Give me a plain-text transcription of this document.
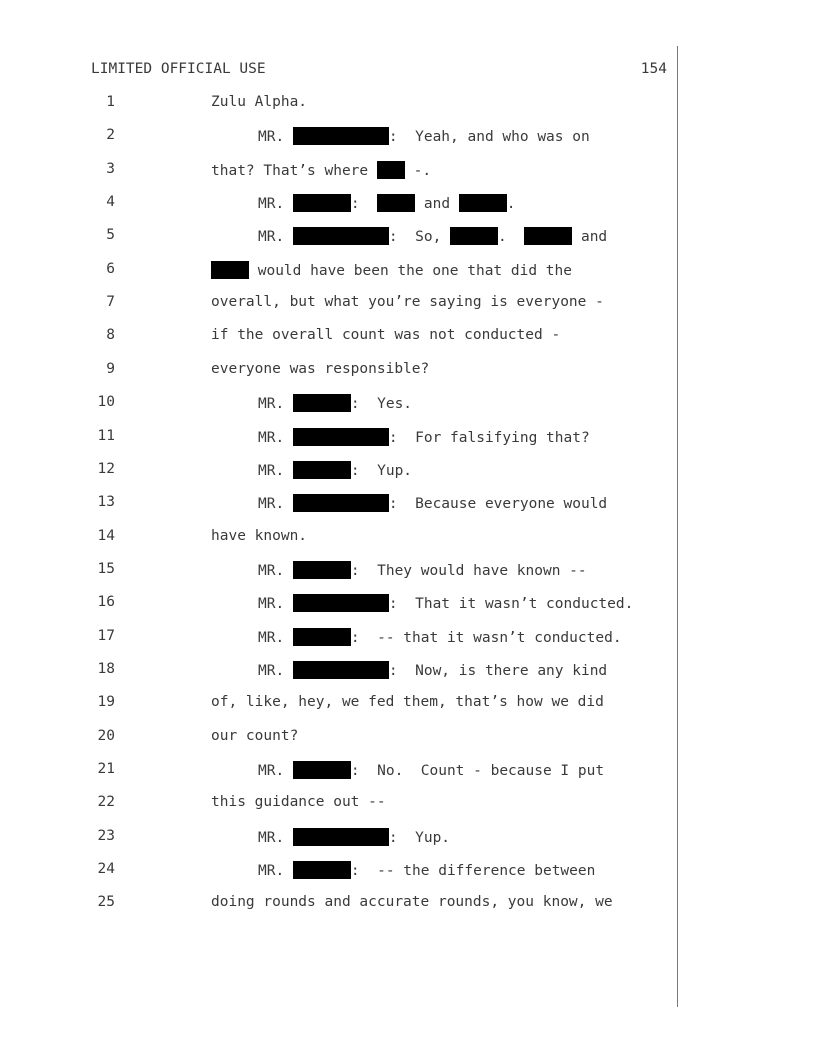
LIMITED OFFICIAL USE	154
1	Zulu Alpha.
2	MR.	:  Yeah, and who was on
3	that? That’s where  -.
4	MR.	:	and	.
5	MR.	:  So,	.	and
6	would have been the one that did the
7	overall, but what you’re saying is everyone -
8	if the overall count was not conducted -
9	everyone was responsible?
10	MR.	:  Yes.
11	MR.	:  For falsifying that?
12	MR.	:  Yup.
13	MR.	:  Because everyone would
14	have known.
15	MR.	:  They would have known --
16	MR.	:  That it wasn’t conducted.
17	MR.	:  -- that it wasn’t conducted.
18	MR.	:  Now, is there any kind
19	of, like, hey, we fed them, that’s how we did
20	our count?
21	MR.	:  No.  Count - because I put
22	this guidance out --
23	MR.	:  Yup.
24	MR.	:  -- the difference between
25	doing rounds and accurate rounds, you know, we
